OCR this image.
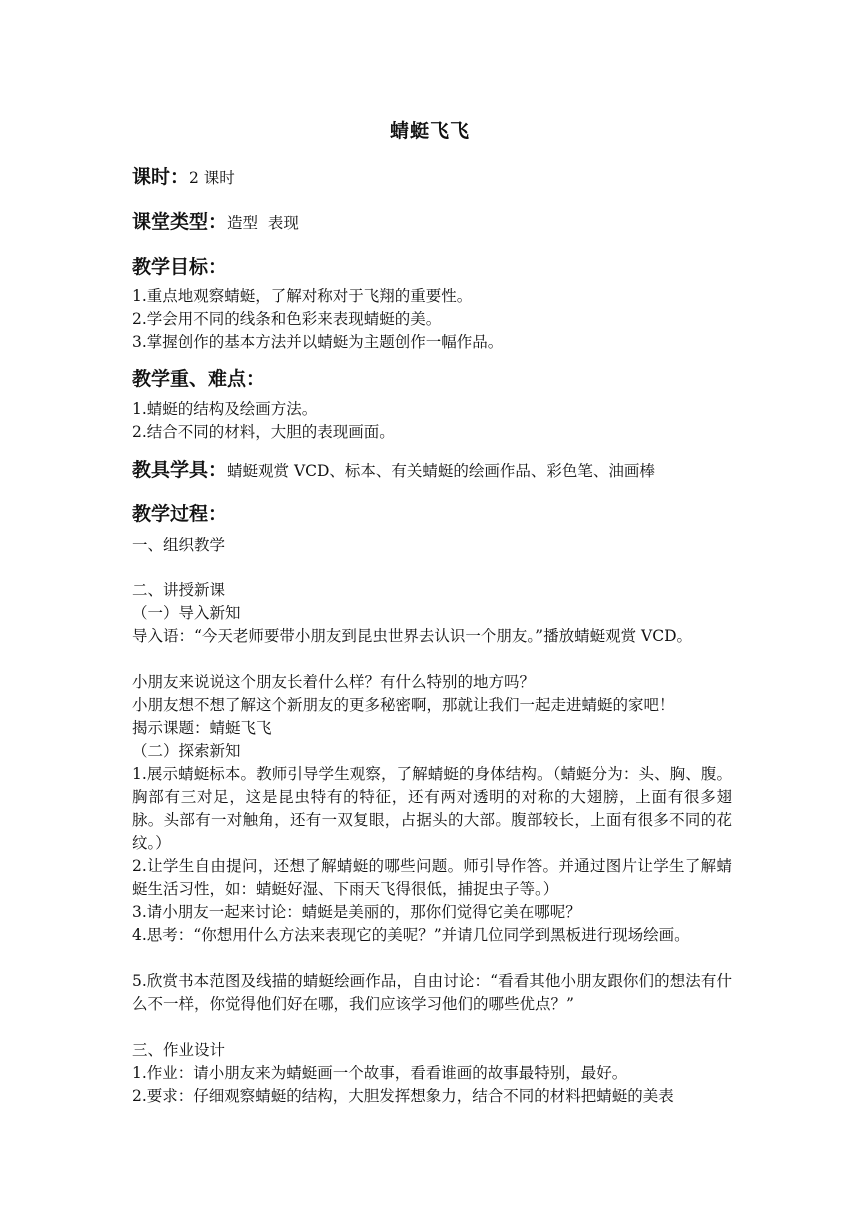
蜻蜓飞飞
课时：2 课时
课堂类型：造型  表现
教学目标：
1.重点地观察蜻蜓，了解对称对于飞翔的重要性。
2.学会用不同的线条和色彩来表现蜻蜓的美。
3.掌握创作的基本方法并以蜻蜓为主题创作一幅作品。
教学重、难点：
1.蜻蜓的结构及绘画方法。
2.结合不同的材料，大胆的表现画面。
教具学具：蜻蜓观赏 VCD、标本、有关蜻蜓的绘画作品、彩色笔、油画棒
教学过程：
一、组织教学
二、讲授新课
（一）导入新知
导入语：“今天老师要带小朋友到昆虫世界去认识一个朋友。”播放蜻蜓观赏 VCD。
小朋友来说说这个朋友长着什么样？有什么特别的地方吗？
小朋友想不想了解这个新朋友的更多秘密啊，那就让我们一起走进蜻蜓的家吧！
揭示课题：蜻蜓飞飞
（二）探索新知
1.展示蜻蜓标本。教师引导学生观察，了解蜻蜓的身体结构。（蜻蜓分为：头、胸、腹。胸部有三对足，这是昆虫特有的特征，还有两对透明的对称的大翅膀，上面有很多翅脉。头部有一对触角，还有一双复眼，占据头的大部。腹部较长，上面有很多不同的花纹。）
2.让学生自由提问，还想了解蜻蜓的哪些问题。师引导作答。并通过图片让学生了解蜻蜓生活习性，如：蜻蜓好湿、下雨天飞得很低，捕捉虫子等。）
3.请小朋友一起来讨论：蜻蜓是美丽的，那你们觉得它美在哪呢？
4.思考：“你想用什么方法来表现它的美呢？”并请几位同学到黑板进行现场绘画。
5.欣赏书本范图及线描的蜻蜓绘画作品，自由讨论：“看看其他小朋友跟你们的想法有什么不一样，你觉得他们好在哪，我们应该学习他们的哪些优点？”
三、作业设计
1.作业：请小朋友来为蜻蜓画一个故事，看看谁画的故事最特别，最好。
2.要求：仔细观察蜻蜓的结构，大胆发挥想象力，结合不同的材料把蜻蜓的美表
